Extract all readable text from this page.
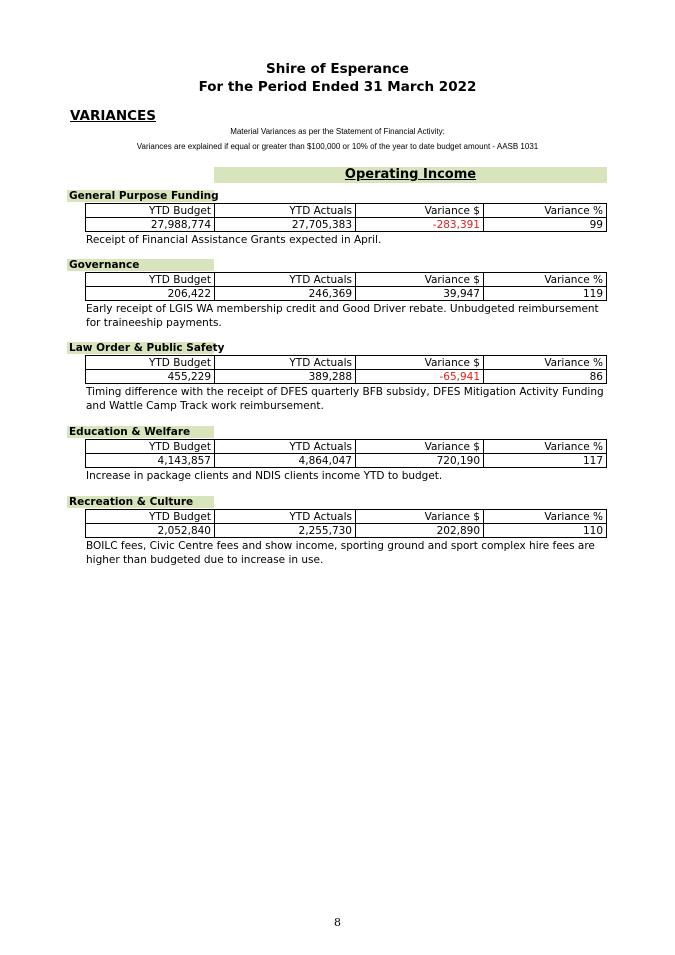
Shire of Esperance
For the Period Ended 31 March 2022
VARIANCES
Material Variances as per the Statement of Financial Activity:
Variances are explained if equal or greater than $100,000 or 10% of the year to date budget amount - AASB 1031
Operating Income
General Purpose Funding
YTD Budget	YTD Actuals	Variance $	Variance %
27,988,774	27,705,383	-283,391	99
Receipt of Financial Assistance Grants expected in April.
Governance
YTD Budget	YTD Actuals	Variance $	Variance %
206,422	246,369	39,947	119
Early receipt of LGIS WA membership credit and Good Driver rebate. Unbudgeted reimbursement for traineeship payments.
Law Order & Public Safety
YTD Budget	YTD Actuals	Variance $	Variance %
455,229	389,288	-65,941	86
Timing difference with the receipt of DFES quarterly BFB subsidy, DFES Mitigation Activity Funding and Wattle Camp Track work reimbursement.
Education & Welfare
YTD Budget	YTD Actuals	Variance $	Variance %
4,143,857	4,864,047	720,190	117
Increase in package clients and NDIS clients income YTD to budget.
Recreation & Culture
YTD Budget	YTD Actuals	Variance $	Variance %
2,052,840	2,255,730	202,890	110
BOILC fees, Civic Centre fees and show income, sporting ground and sport complex hire fees are higher than budgeted due to increase in use.
8
